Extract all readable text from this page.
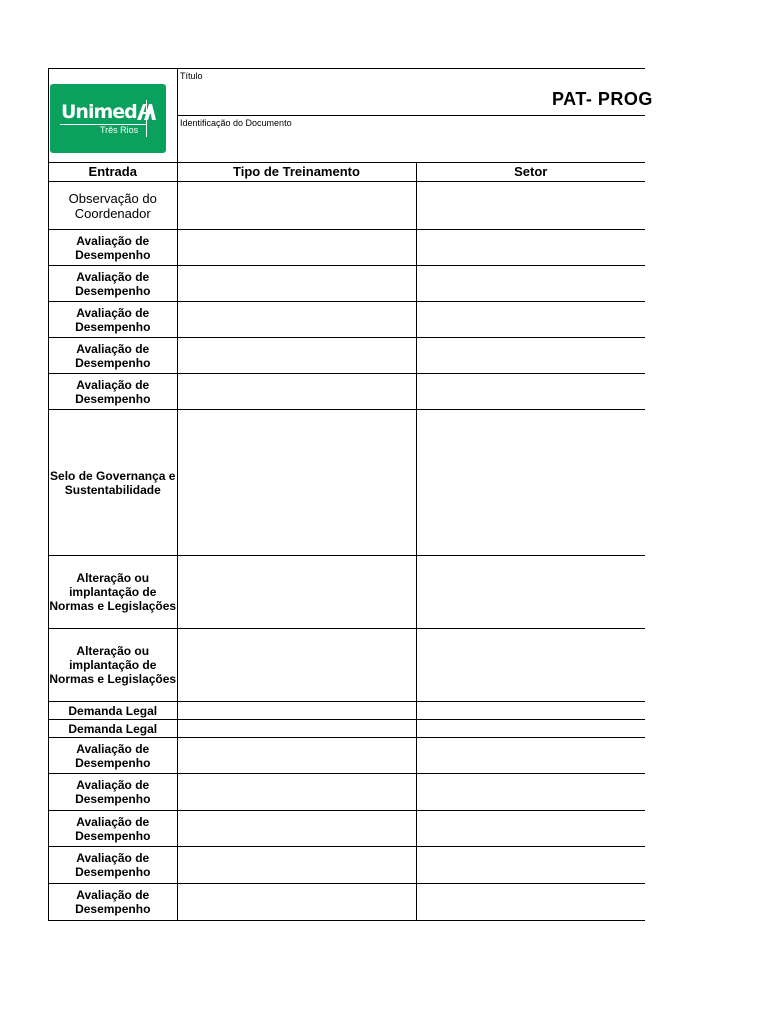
Unimed
Três Rios
Título
PAT- PROG
Identificação do Documento
Entrada	Tipo de Treinamento	Setor
Observação do Coordenador		
Avaliação de Desempenho		
Avaliação de Desempenho		
Avaliação de Desempenho		
Avaliação de Desempenho		
Avaliação de Desempenho		
Selo de Governança e Sustentabilidade		
Alteração ou implantação de Normas e Legislações		
Alteração ou implantação de Normas e Legislações		
Demanda Legal		
Demanda Legal		
Avaliação de Desempenho		
Avaliação de Desempenho		
Avaliação de Desempenho		
Avaliação de Desempenho		
Avaliação de Desempenho		
